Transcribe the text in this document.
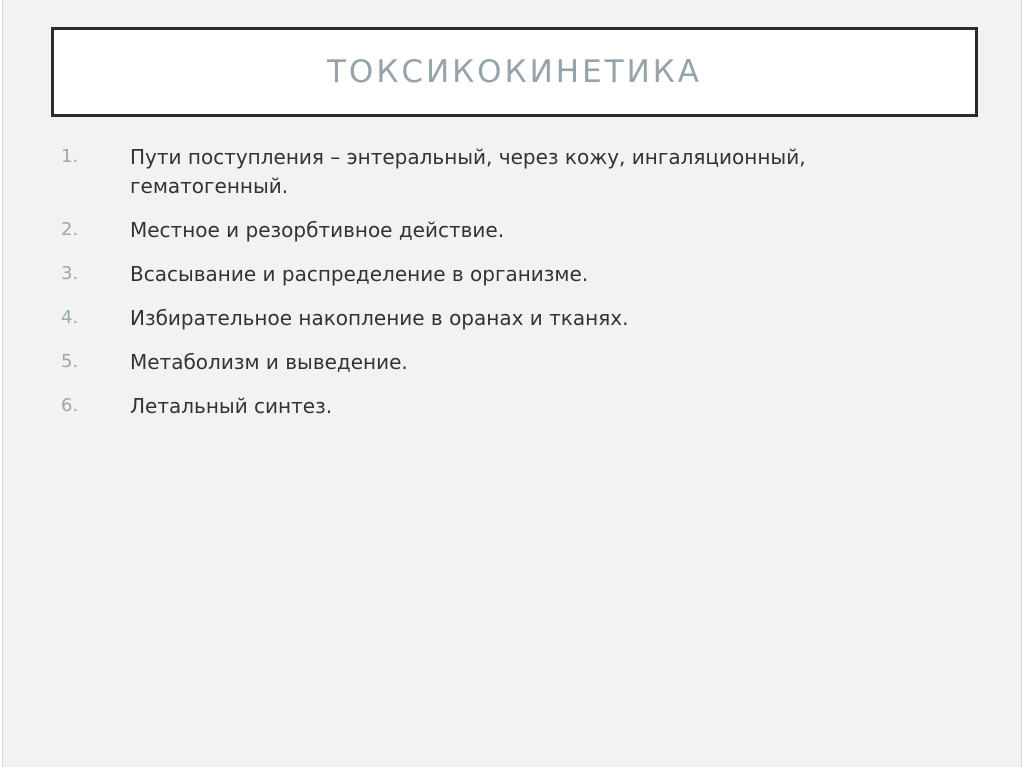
ТОКСИКОКИНЕТИКА
1.	Пути поступления – энтеральный, через кожу, ингаляционный, гематогенный.
2.	Местное и резорбтивное действие.
3.	Всасывание и распределение в организме.
4.	Избирательное накопление в оранах и тканях.
5.	Метаболизм и выведение.
6.	Летальный синтез.
